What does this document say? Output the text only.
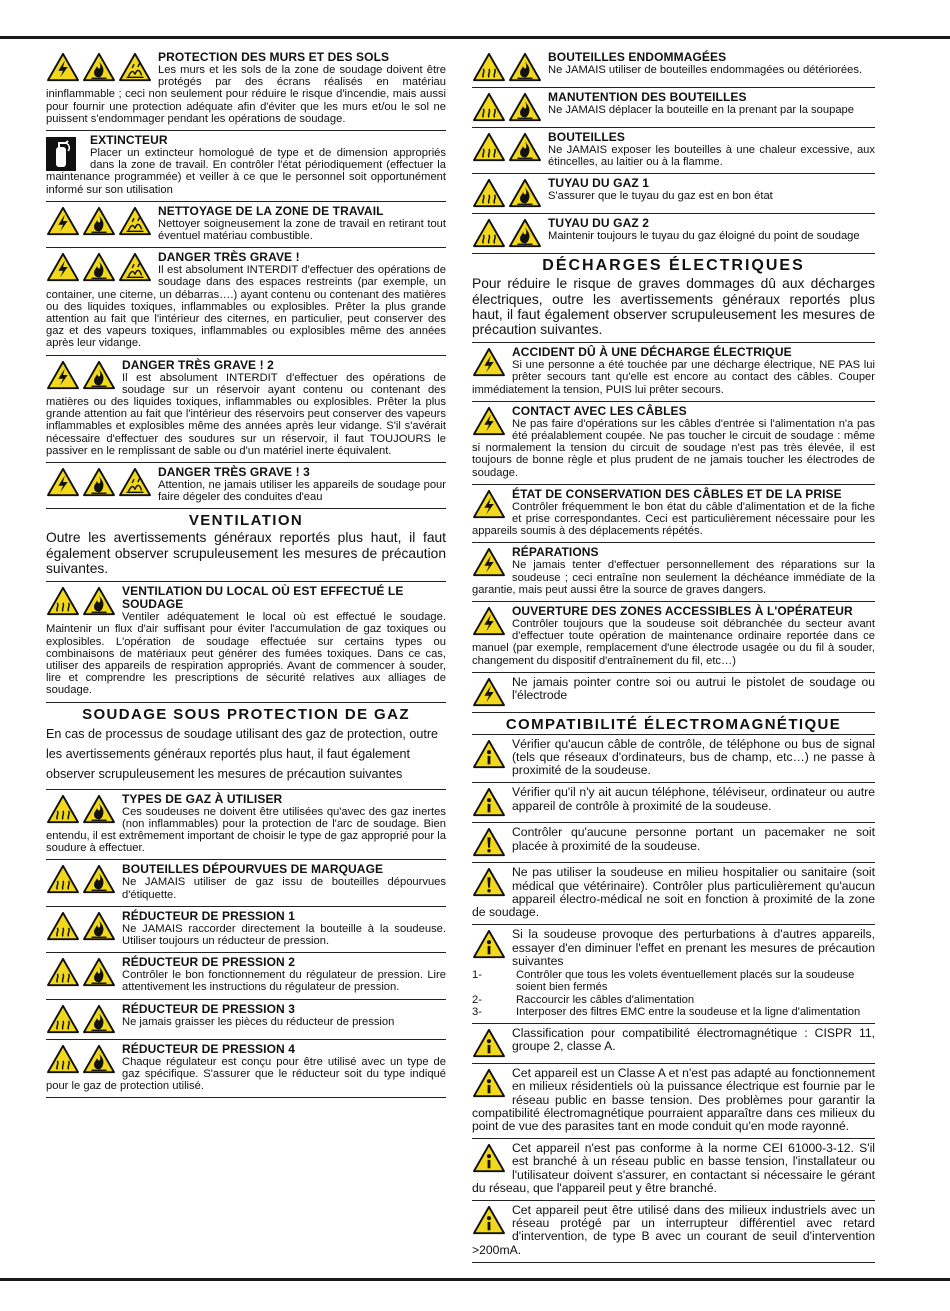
PROTECTION DES MURS ET DES SOLS
Les murs et les sols de la zone de soudage doivent être protégés par des écrans réalisés en matériau ininflammable ; ceci non seulement pour réduire le risque d'incendie, mais aussi pour fournir une protection adéquate afin d'éviter que les murs et/ou le sol ne puissent s'endommager pendant les opérations de soudage.
EXTINCTEUR
Placer un extincteur homologué de type et de dimension appropriés dans la zone de travail. En contrôler l'état périodiquement (effectuer la maintenance programmée) et veiller à ce que le personnel soit opportunément informé sur son utilisation
NETTOYAGE DE LA ZONE DE TRAVAIL
Nettoyer soigneusement la zone de travail en retirant tout éventuel matériau combustible.
DANGER TRÈS GRAVE !
Il est absolument INTERDIT d'effectuer des opérations de soudage dans des espaces restreints (par exemple, un container, une citerne, un débarras….) ayant contenu ou contenant des matières ou des liquides toxiques, inflammables ou explosibles. Prêter la plus grande attention au fait que l'intérieur des citernes, en particulier, peut conserver des gaz et des vapeurs toxiques, inflammables ou explosibles même des années après leur vidange.
DANGER TRÈS GRAVE ! 2
Il est absolument INTERDIT d'effectuer des opérations de soudage sur un réservoir ayant contenu ou contenant des matières ou des liquides toxiques, inflammables ou explosibles. Prêter la plus grande attention au fait que l'intérieur des réservoirs peut conserver des vapeurs inflammables et explosibles même des années après leur vidange. S'il s'avérait nécessaire d'effectuer des soudures sur un réservoir, il faut TOUJOURS le passiver en le remplissant de sable ou d'un matériel inerte équivalent.
DANGER TRÈS GRAVE ! 3
Attention, ne jamais utiliser les appareils de soudage pour faire dégeler des conduites d'eau
VENTILATION
Outre les avertissements généraux reportés plus haut, il faut également observer scrupuleusement les mesures de précaution suivantes.
VENTILATION DU LOCAL OÙ EST EFFECTUÉ LE SOUDAGE
Ventiler adéquatement le local où est effectué le soudage. Maintenir un flux d'air suffisant pour éviter l'accumulation de gaz toxiques ou explosibles. L'opération de soudage effectuée sur certains types ou combinaisons de matériaux peut générer des fumées toxiques. Dans ce cas, utiliser des appareils de respiration appropriés. Avant de commencer à souder, lire et comprendre les prescriptions de sécurité relatives aux alliages de soudage.
SOUDAGE SOUS PROTECTION DE GAZ
En cas de processus de soudage utilisant des gaz de protection, outre les avertissements généraux reportés plus haut, il faut également observer scrupuleusement les mesures de précaution suivantes
TYPES DE GAZ À UTILISER
Ces soudeuses ne doivent être utilisées qu'avec des gaz inertes (non inflammables) pour la protection de l'arc de soudage. Bien entendu, il est extrêmement important de choisir le type de gaz approprié pour la soudure à effectuer.
BOUTEILLES DÉPOURVUES DE MARQUAGE
Ne JAMAIS utiliser de gaz issu de bouteilles dépourvues d'étiquette.
RÉDUCTEUR DE PRESSION 1
Ne JAMAIS raccorder directement la bouteille à la soudeuse. Utiliser toujours un réducteur de pression.
RÉDUCTEUR DE PRESSION 2
Contrôler le bon fonctionnement du régulateur de pression. Lire attentivement les instructions du régulateur de pression.
RÉDUCTEUR DE PRESSION 3
Ne jamais graisser les pièces du réducteur de pression
RÉDUCTEUR DE PRESSION 4
Chaque régulateur est conçu pour être utilisé avec un type de gaz spécifique. S'assurer que le réducteur soit du type indiqué pour le gaz de protection utilisé.
BOUTEILLES ENDOMMAGÉES
Ne JAMAIS utiliser de bouteilles endommagées ou détériorées.
MANUTENTION DES BOUTEILLES
Ne JAMAIS déplacer la bouteille en la prenant par la soupape
BOUTEILLES
Ne JAMAIS exposer les bouteilles à une chaleur excessive, aux étincelles, au laitier ou à la flamme.
TUYAU DU GAZ 1
S'assurer que le tuyau du gaz est en bon état
TUYAU DU GAZ 2
Maintenir toujours le tuyau du gaz éloigné du point de soudage
DÉCHARGES ÉLECTRIQUES
Pour réduire le risque de graves dommages dû aux décharges électriques, outre les avertissements généraux reportés plus haut, il faut également observer scrupuleusement les mesures de précaution suivantes.
ACCIDENT DÛ À UNE DÉCHARGE ÉLECTRIQUE
Si une personne a été touchée par une décharge électrique, NE PAS lui prêter secours tant qu'elle est encore au contact des câbles. Couper immédiatement la tension, PUIS lui prêter secours.
CONTACT AVEC LES CÂBLES
Ne pas faire d'opérations sur les câbles d'entrée si l'alimentation n'a pas été préalablement coupée. Ne pas toucher le circuit de soudage : même si normalement la tension du circuit de soudage n'est pas très élevée, il est toujours de bonne règle et plus prudent de ne jamais toucher les électrodes de soudage.
ÉTAT DE CONSERVATION DES CÂBLES ET DE LA PRISE
Contrôler fréquemment le bon état du câble d'alimentation et de la fiche et prise correspondantes. Ceci est particulièrement nécessaire pour les appareils soumis à des déplacements répétés.
RÉPARATIONS
Ne jamais tenter d'effectuer personnellement des réparations sur la soudeuse ; ceci entraîne non seulement la déchéance immédiate de la garantie, mais peut aussi être la source de graves dangers.
OUVERTURE DES ZONES ACCESSIBLES À L'OPÉRATEUR
Contrôler toujours que la soudeuse soit débranchée du secteur avant d'effectuer toute opération de maintenance ordinaire reportée dans ce manuel (par exemple, remplacement d'une électrode usagée ou du fil à souder, changement du dispositif d'entraînement du fil, etc…)
Ne jamais pointer contre soi ou autrui le pistolet de soudage ou l'électrode
COMPATIBILITÉ ÉLECTROMAGNÉTIQUE
Vérifier qu'aucun câble de contrôle, de téléphone ou bus de signal (tels que réseaux d'ordinateurs, bus de champ, etc…) ne passe à proximité de la soudeuse.
Vérifier qu'il n'y ait aucun téléphone, téléviseur, ordinateur ou autre appareil de contrôle à proximité de la soudeuse.
Contrôler qu'aucune personne portant un pacemaker ne soit placée à proximité de la soudeuse.
Ne pas utiliser la soudeuse en milieu hospitalier ou sanitaire (soit médical que vétérinaire). Contrôler plus particulièrement qu'aucun appareil électro-médical ne soit en fonction à proximité de la zone de soudage.
Si la soudeuse provoque des perturbations à d'autres appareils, essayer d'en diminuer l'effet en prenant les mesures de précaution suivantes
1-	Contrôler que tous les volets éventuellement placés sur la soudeuse soient bien fermés
2-	Raccourcir les câbles d'alimentation
3-	Interposer des filtres EMC entre la soudeuse et la ligne d'alimentation
Classification pour compatibilité électromagnétique : CISPR 11, groupe 2, classe A.
Cet appareil est un Classe A et n'est pas adapté au fonctionnement en milieux résidentiels où la puissance électrique est fournie par le réseau public en basse tension. Des problèmes pour garantir la compatibilité électromagnétique pourraient apparaître dans ces milieux du point de vue des parasites tant en mode conduit qu'en mode rayonné.
Cet appareil n'est pas conforme à la norme CEI 61000-3-12. S'il est branché à un réseau public en basse tension, l'installateur ou l'utilisateur doivent s'assurer, en contactant si nécessaire le gérant du réseau, que l'appareil peut y être branché.
Cet appareil peut être utilisé dans des milieux industriels avec un réseau protégé par un interrupteur différentiel avec retard d'intervention, de type B avec un courant de seuil d'intervention >200mA.
